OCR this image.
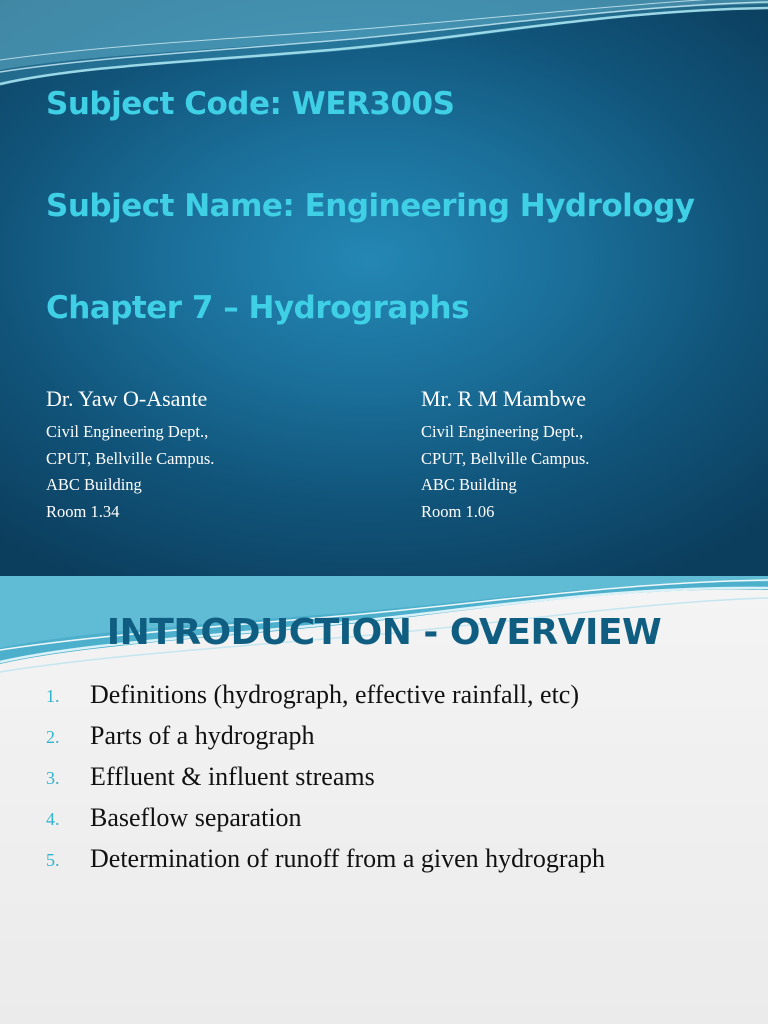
Subject Code: WER300S
Subject Name: Engineering Hydrology
Chapter 7 – Hydrographs

Dr. Yaw O-Asante

Civil Engineering Dept.,

CPUT, Bellville Campus.

ABC Building

Room 1.34

Mr. R M Mambwe

Civil Engineering Dept.,

CPUT, Bellville Campus.

ABC Building

Room 1.06

INTRODUCTION - OVERVIEW
1. Definitions (hydrograph, effective rainfall, etc)
2. Parts of a hydrograph
3. Effluent & influent streams
4. Baseflow separation
5. Determination of runoff from a given hydrograph
